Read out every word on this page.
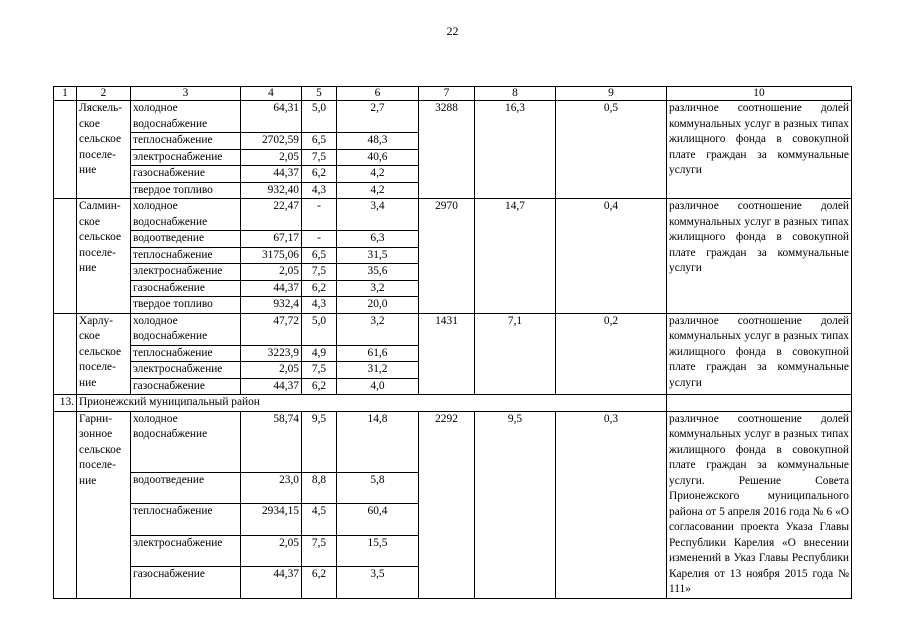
22
1	2	3	4	5	6	7	8	9	10
	Ляскель-ское сельское поселе-ние	холодное водоснабжение	64,31	5,0	2,7	3288	16,3	0,5	различное соотношение долей коммунальных услуг в разных типах жилищного фонда в совокупной плате граждан за коммунальные услуги
		теплоснабжение	2702,59	6,5	48,3				
		электроснабжение	2,05	7,5	40,6				
		газоснабжение	44,37	6,2	4,2				
		твердое топливо	932,40	4,3	4,2				
	Салмин-ское сельское поселе-ние	холодное водоснабжение	22,47	-	3,4	2970	14,7	0,4	различное соотношение долей коммунальных услуг в разных типах жилищного фонда в совокупной плате граждан за коммунальные услуги
		водоотведение	67,17	-	6,3				
		теплоснабжение	3175,06	6,5	31,5				
		электроснабжение	2,05	7,5	35,6				
		газоснабжение	44,37	6,2	3,2				
		твердое топливо	932,4	4,3	20,0				
	Харлу-ское сельское поселе-ние	холодное водоснабжение	47,72	5,0	3,2	1431	7,1	0,2	различное соотношение долей коммунальных услуг в разных типах жилищного фонда в совокупной плате граждан за коммунальные услуги
		теплоснабжение	3223,9	4,9	61,6				
		электроснабжение	2,05	7,5	31,2				
		газоснабжение	44,37	6,2	4,0				
13.	Прионежский муниципальный район								
	Гарни-зонное сельское поселе-ние	холодное водоснабжение	58,74	9,5	14,8	2292	9,5	0,3	различное соотношение долей коммунальных услуг в разных типах жилищного фонда в совокупной плате граждан за коммунальные услуги. Решение Совета Прионежского муниципального района от 5 апреля 2016 года № 6 «О согласовании проекта Указа Главы Республики Карелия «О внесении изменений в Указ Главы Республики Карелия от 13 ноября 2015 года № 111»
		водоотведение	23,0	8,8	5,8				
		теплоснабжение	2934,15	4,5	60,4				
		электроснабжение	2,05	7,5	15,5				
		газоснабжение	44,37	6,2	3,5				
